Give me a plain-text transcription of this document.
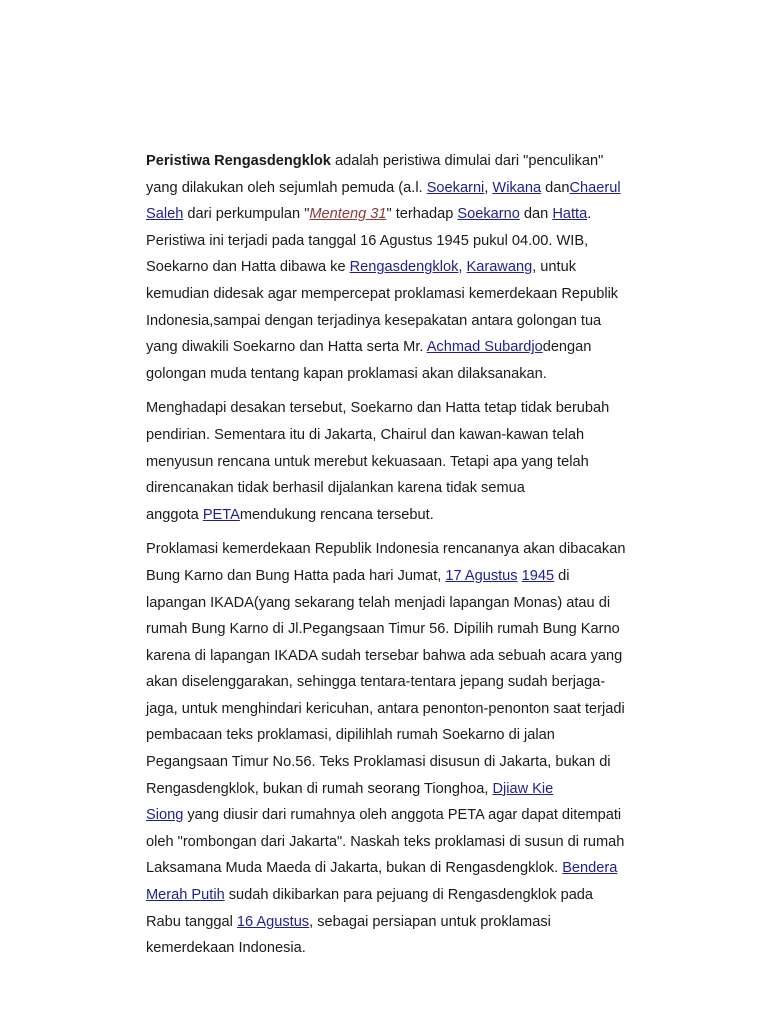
Peristiwa Rengasdengklok adalah peristiwa dimulai dari "penculikan"
yang dilakukan oleh sejumlah pemuda (a.l. Soekarni, Wikana danChaerul
Saleh dari perkumpulan "Menteng 31" terhadap Soekarno dan Hatta.
Peristiwa ini terjadi pada tanggal 16 Agustus 1945 pukul 04.00. WIB,
Soekarno dan Hatta dibawa ke Rengasdengklok, Karawang, untuk
kemudian didesak agar mempercepat proklamasi kemerdekaan Republik
Indonesia,sampai dengan terjadinya kesepakatan antara golongan tua
yang diwakili Soekarno dan Hatta serta Mr. Achmad Subardjodengan
golongan muda tentang kapan proklamasi akan dilaksanakan.

Menghadapi desakan tersebut, Soekarno dan Hatta tetap tidak berubah
pendirian. Sementara itu di Jakarta, Chairul dan kawan-kawan telah
menyusun rencana untuk merebut kekuasaan. Tetapi apa yang telah
direncanakan tidak berhasil dijalankan karena tidak semua
anggota PETAmendukung rencana tersebut.

Proklamasi kemerdekaan Republik Indonesia rencananya akan dibacakan
Bung Karno dan Bung Hatta pada hari Jumat, 17 Agustus 1945 di
lapangan IKADA(yang sekarang telah menjadi lapangan Monas) atau di
rumah Bung Karno di Jl.Pegangsaan Timur 56. Dipilih rumah Bung Karno
karena di lapangan IKADA sudah tersebar bahwa ada sebuah acara yang
akan diselenggarakan, sehingga tentara-tentara jepang sudah berjaga-
jaga, untuk menghindari kericuhan, antara penonton-penonton saat terjadi
pembacaan teks proklamasi, dipilihlah rumah Soekarno di jalan
Pegangsaan Timur No.56. Teks Proklamasi disusun di Jakarta, bukan di
Rengasdengklok, bukan di rumah seorang Tionghoa, Djiaw Kie
Siong yang diusir dari rumahnya oleh anggota PETA agar dapat ditempati
oleh "rombongan dari Jakarta". Naskah teks proklamasi di susun di rumah
Laksamana Muda Maeda di Jakarta, bukan di Rengasdengklok. Bendera
Merah Putih sudah dikibarkan para pejuang di Rengasdengklok pada
Rabu tanggal 16 Agustus, sebagai persiapan untuk proklamasi
kemerdekaan Indonesia.
